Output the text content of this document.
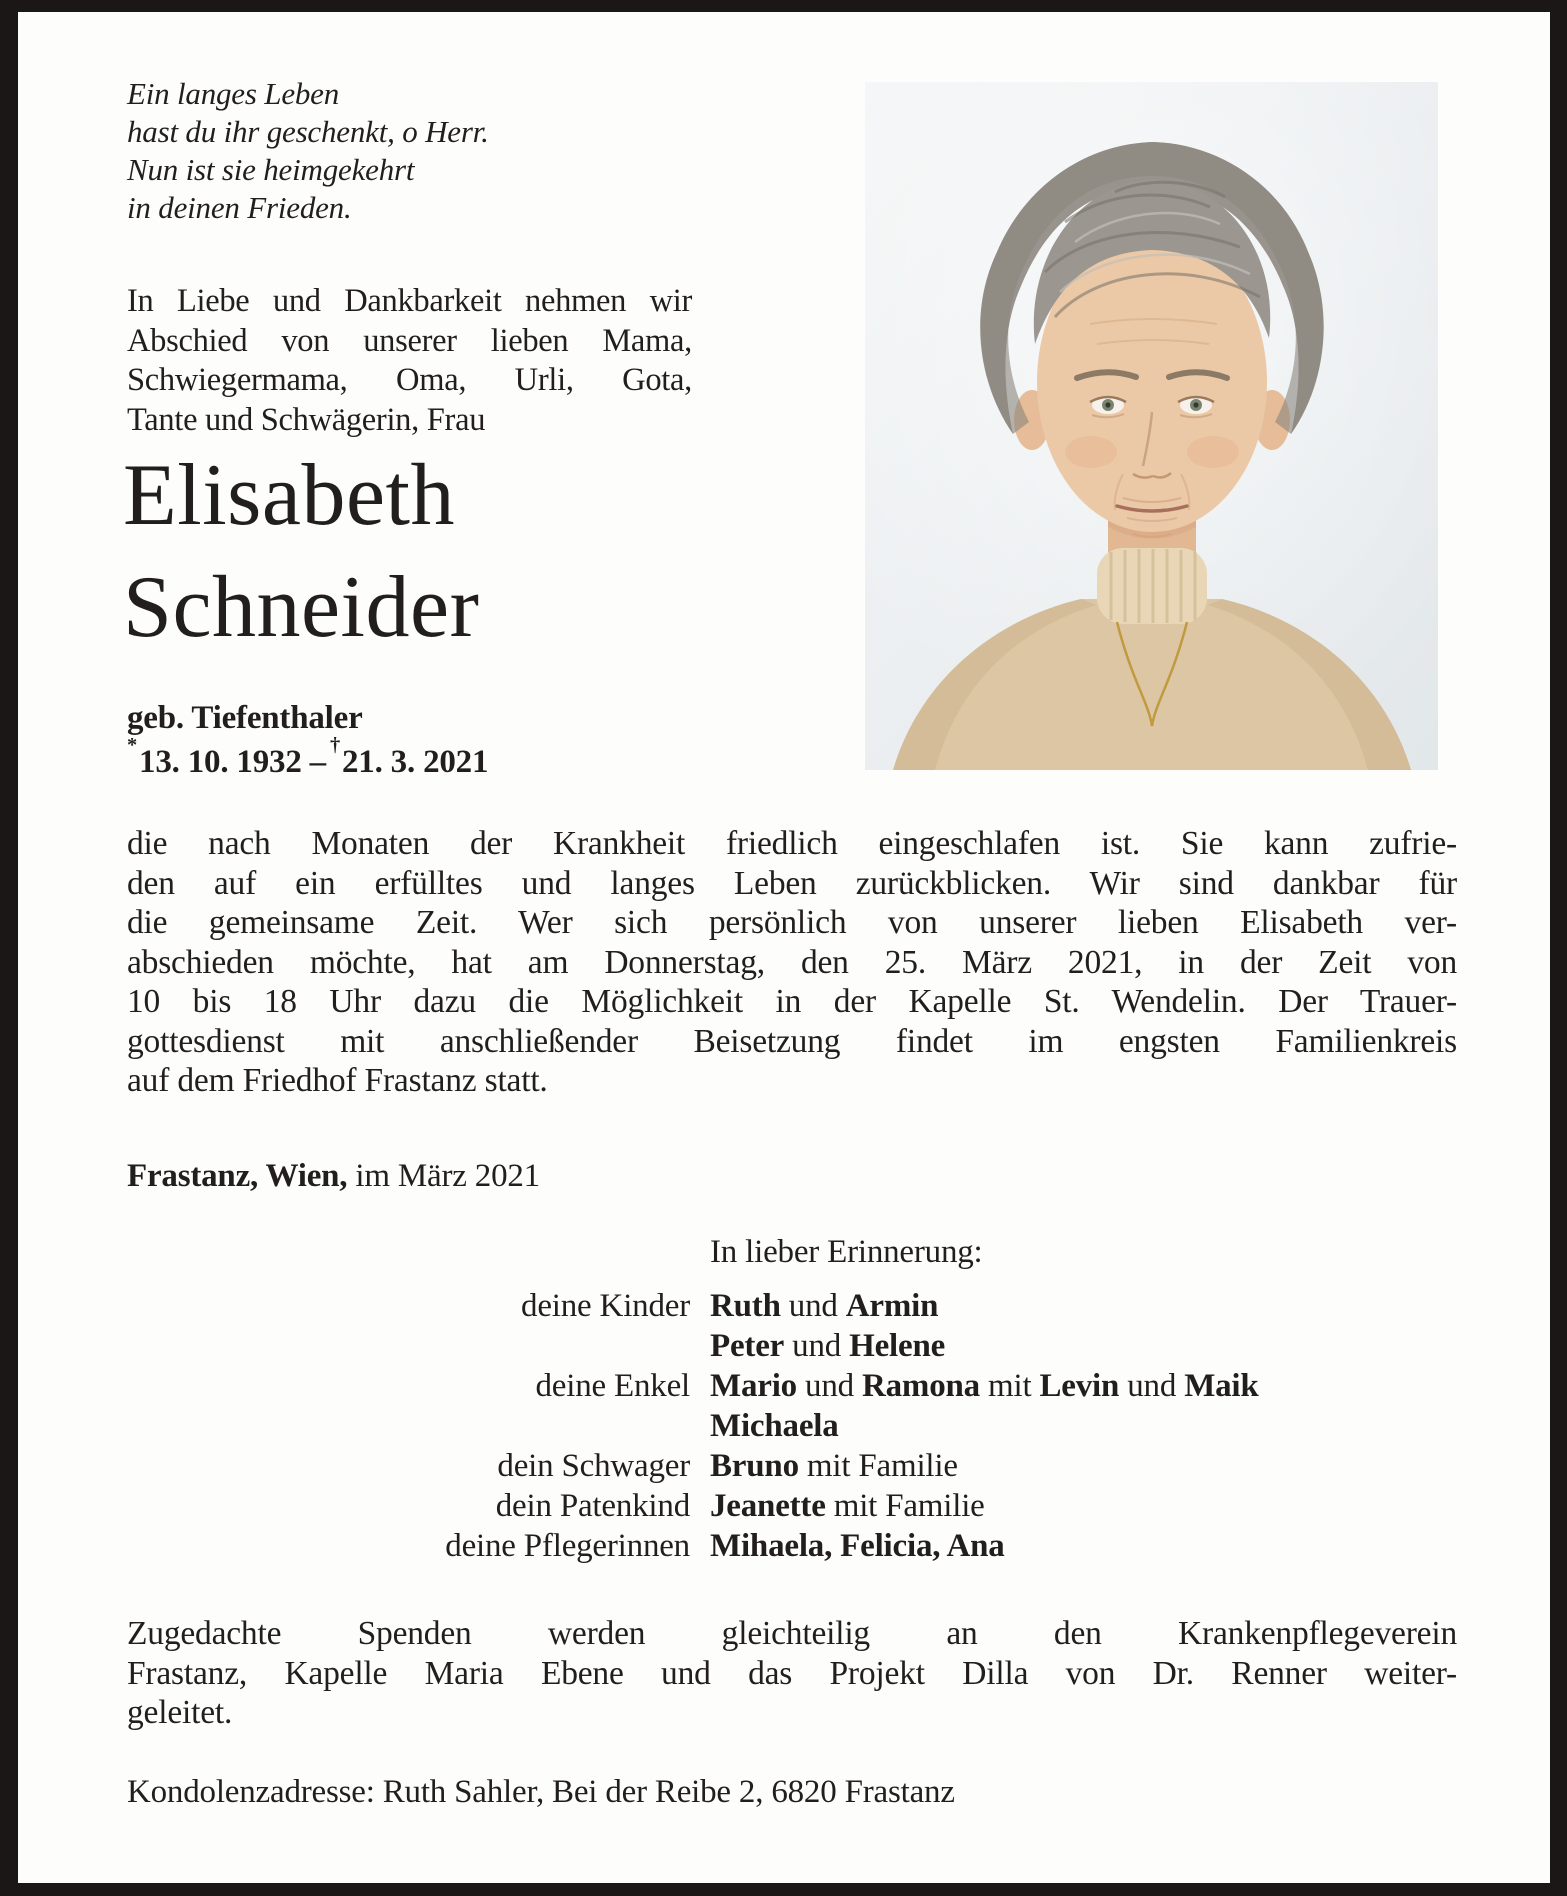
Ein langes Leben
hast du ihr geschenkt, o Herr.
Nun ist sie heimgekehrt
in deinen Frieden.
In Liebe und Dankbarkeit nehmen wir
Abschied von unserer lieben Mama,
Schwiegermama, Oma, Urli, Gota,
Tante und Schwägerin, Frau
Elisabeth
Schneider
geb. Tiefenthaler
*13. 10. 1932 – †21. 3. 2021
die nach Monaten der Krankheit friedlich eingeschlafen ist. Sie kann zufrie-
den auf ein erfülltes und langes Leben zurückblicken. Wir sind dankbar für
die gemeinsame Zeit. Wer sich persönlich von unserer lieben Elisabeth ver-
abschieden möchte, hat am Donnerstag, den 25. März 2021, in der Zeit von
10 bis 18 Uhr dazu die Möglichkeit in der Kapelle St. Wendelin. Der Trauer-
gottesdienst mit anschließender Beisetzung findet im engsten Familienkreis
auf dem Friedhof Frastanz statt.
Frastanz, Wien, im März 2021
In lieber Erinnerung:
deine Kinder Ruth und Armin
Peter und Helene
deine Enkel Mario und Ramona mit Levin und Maik
Michaela
dein Schwager Bruno mit Familie
dein Patenkind Jeanette mit Familie
deine Pflegerinnen Mihaela, Felicia, Ana
Zugedachte Spenden werden gleichteilig an den Krankenpflegeverein
Frastanz, Kapelle Maria Ebene und das Projekt Dilla von Dr. Renner weiter-
geleitet.
Kondolenzadresse: Ruth Sahler, Bei der Reibe 2, 6820 Frastanz
